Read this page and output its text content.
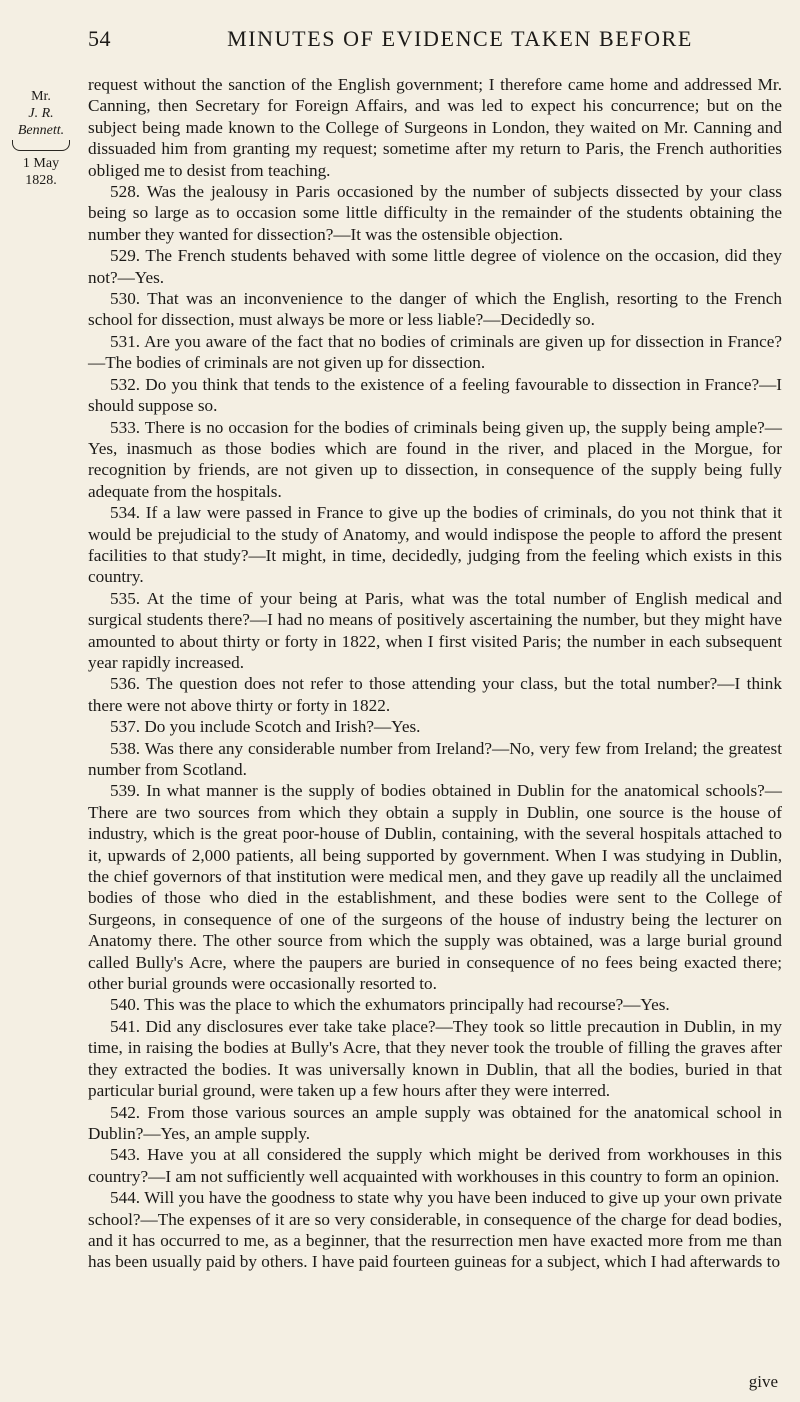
54	MINUTES OF EVIDENCE TAKEN BEFORE
Mr.
J. R. Bennett.
1 May
1828.

request without the sanction of the English government; I therefore came home and addressed Mr. Canning, then Secretary for Foreign Affairs, and was led to expect his concurrence; but on the subject being made known to the College of Surgeons in London, they waited on Mr. Canning and dissuaded him from granting my request; sometime after my return to Paris, the French authorities obliged me to desist from teaching.

528. Was the jealousy in Paris occasioned by the number of subjects dissected by your class being so large as to occasion some little difficulty in the remainder of the students obtaining the number they wanted for dissection?—It was the ostensible objection.

529. The French students behaved with some little degree of violence on the occasion, did they not?—Yes.

530. That was an inconvenience to the danger of which the English, resorting to the French school for dissection, must always be more or less liable?—Decidedly so.

531. Are you aware of the fact that no bodies of criminals are given up for dissection in France?—The bodies of criminals are not given up for dissection.

532. Do you think that tends to the existence of a feeling favourable to dissection in France?—I should suppose so.

533. There is no occasion for the bodies of criminals being given up, the supply being ample?—Yes, inasmuch as those bodies which are found in the river, and placed in the Morgue, for recognition by friends, are not given up to dissection, in consequence of the supply being fully adequate from the hospitals.

534. If a law were passed in France to give up the bodies of criminals, do you not think that it would be prejudicial to the study of Anatomy, and would indispose the people to afford the present facilities to that study?—It might, in time, decidedly, judging from the feeling which exists in this country.

535. At the time of your being at Paris, what was the total number of English medical and surgical students there?—I had no means of positively ascertaining the number, but they might have amounted to about thirty or forty in 1822, when I first visited Paris; the number in each subsequent year rapidly increased.

536. The question does not refer to those attending your class, but the total number?—I think there were not above thirty or forty in 1822.

537. Do you include Scotch and Irish?—Yes.

538. Was there any considerable number from Ireland?—No, very few from Ireland; the greatest number from Scotland.

539. In what manner is the supply of bodies obtained in Dublin for the anatomical schools?—There are two sources from which they obtain a supply in Dublin, one source is the house of industry, which is the great poor-house of Dublin, containing, with the several hospitals attached to it, upwards of 2,000 patients, all being supported by government. When I was studying in Dublin, the chief governors of that institution were medical men, and they gave up readily all the unclaimed bodies of those who died in the establishment, and these bodies were sent to the College of Surgeons, in consequence of one of the surgeons of the house of industry being the lecturer on Anatomy there. The other source from which the supply was obtained, was a large burial ground called Bully's Acre, where the paupers are buried in consequence of no fees being exacted there; other burial grounds were occasionally resorted to.

540. This was the place to which the exhumators principally had recourse?—Yes.

541. Did any disclosures ever take take place?—They took so little precaution in Dublin, in my time, in raising the bodies at Bully's Acre, that they never took the trouble of filling the graves after they extracted the bodies. It was universally known in Dublin, that all the bodies, buried in that particular burial ground, were taken up a few hours after they were interred.

542. From those various sources an ample supply was obtained for the anatomical school in Dublin?—Yes, an ample supply.

543. Have you at all considered the supply which might be derived from workhouses in this country?—I am not sufficiently well acquainted with workhouses in this country to form an opinion.

544. Will you have the goodness to state why you have been induced to give up your own private school?—The expenses of it are so very considerable, in consequence of the charge for dead bodies, and it has occurred to me, as a beginner, that the resurrection men have exacted more from me than has been usually paid by others. I have paid fourteen guineas for a subject, which I had afterwards to

give
